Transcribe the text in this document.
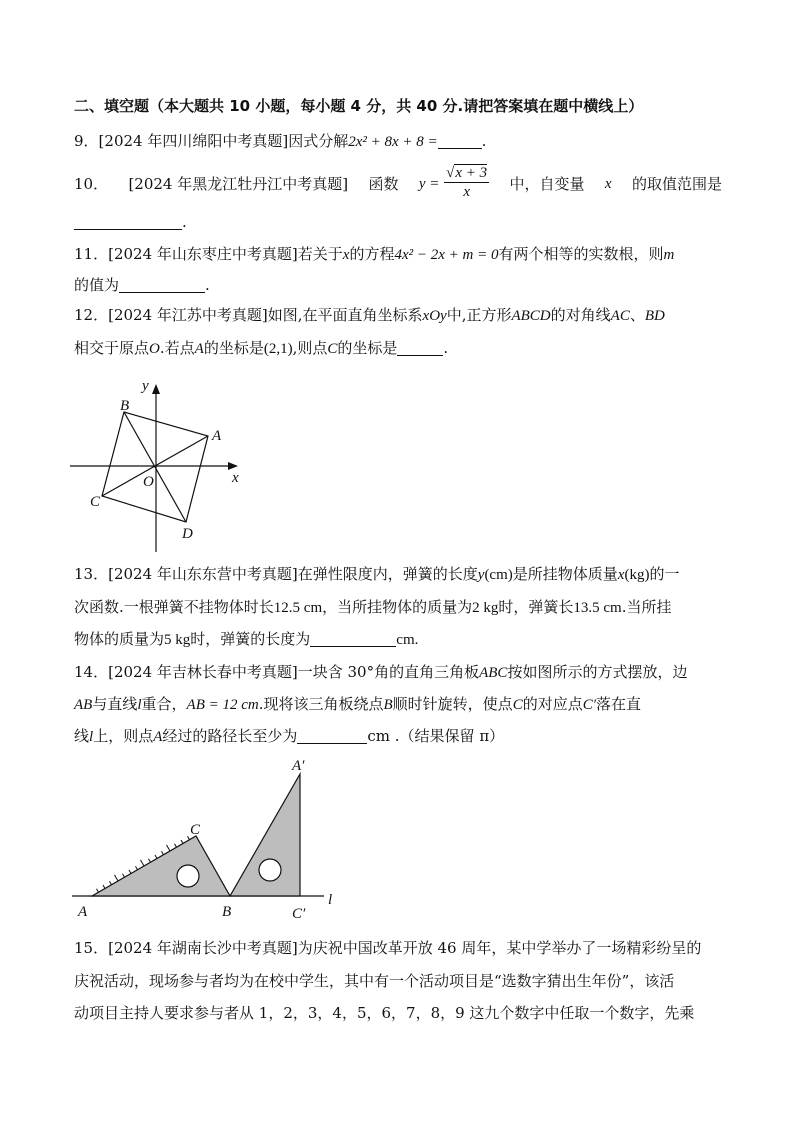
二、填空题（本大题共 10 小题，每小题 4 分，共 40 分.请把答案填在题中横线上）
9．[2024 年四川绵阳中考真题]因式分解2x² + 8x + 8 =	.
10． [2024 年黑龙江牡丹江中考真题] 函数 $y = \frac{√x + 3}{x}$ 中，自变量 x 的取值范围是
.
11．[2024 年山东枣庄中考真题]若关于x的方程4x² − 2x + m = 0有两个相等的实数根，则m
的值为	.
12．[2024 年江苏中考真题]如图,在平面直角坐标系xOy中,正方形ABCD的对角线AC、BD
相交于原点O.若点A的坐标是(2,1),则点C的坐标是	.
y
x
O
A
B
C
D
13．[2024 年山东东营中考真题]在弹性限度内，弹簧的长度y(cm)是所挂物体质量x(kg)的一
次函数.一根弹簧不挂物体时长12.5 cm，当所挂物体的质量为2 kg时，弹簧长13.5 cm.当所挂
物体的质量为5 kg时，弹簧的长度为	cm.
14．[2024 年吉林长春中考真题]一块含 30°角的直角三角板ABC按如图所示的方式摆放，边
AB与直线l重合，AB = 12 cm.现将该三角板绕点B顺时针旋转，使点C的对应点C′落在直
线l上，则点A经过的路径长至少为	cm .（结果保留 π）
A	B
C
A′
C′
l
15．[2024 年湖南长沙中考真题]为庆祝中国改革开放 46 周年，某中学举办了一场精彩纷呈的
庆祝活动，现场参与者均为在校中学生，其中有一个活动项目是“选数字猜出生年份”，该活
动项目主持人要求参与者从 1，2，3，4，5，6，7，8，9 这九个数字中任取一个数字，先乘
